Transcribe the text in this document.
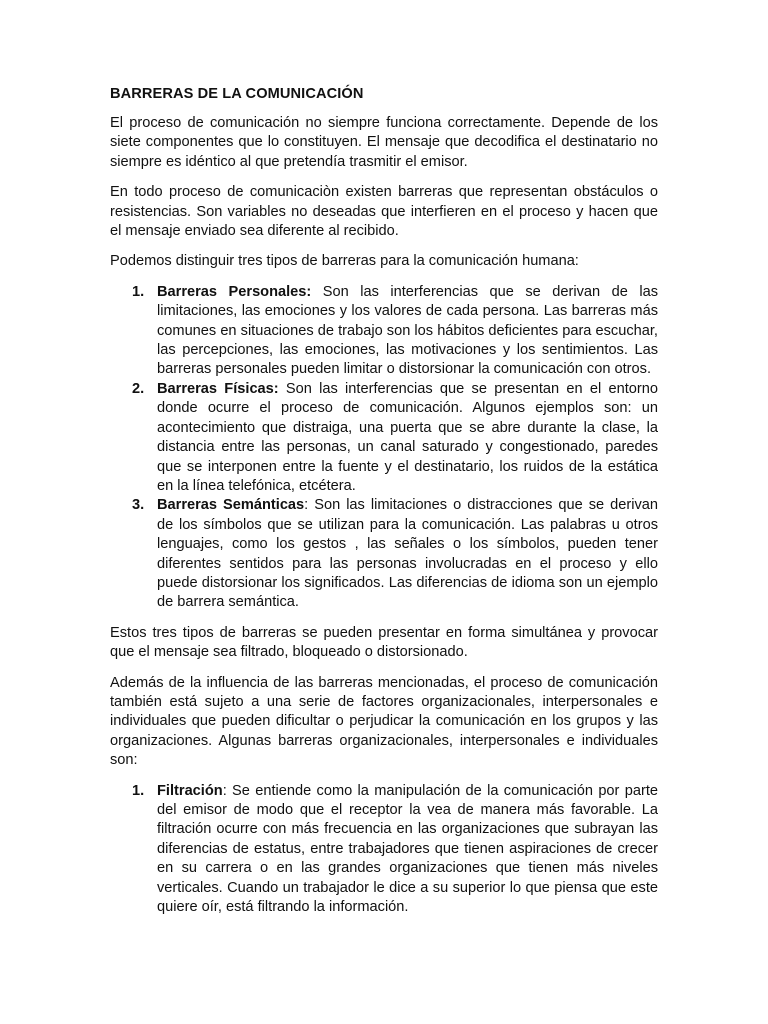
BARRERAS DE LA COMUNICACIÓN

El proceso de comunicación no siempre funciona correctamente. Depende de los siete componentes que lo constituyen. El mensaje que decodifica el destinatario no siempre es idéntico al que pretendía trasmitir el emisor.

En todo proceso de comunicaciòn existen barreras que representan obstáculos o resistencias. Son variables no deseadas que interfieren en el proceso y hacen que el mensaje enviado sea diferente al recibido.

Podemos distinguir tres tipos de barreras para la comunicación humana:

1. Barreras Personales: Son las interferencias que se derivan de las limitaciones, las emociones y los valores de cada persona. Las barreras más comunes en situaciones de trabajo son los hábitos deficientes para escuchar, las percepciones, las emociones, las motivaciones y los sentimientos. Las barreras personales pueden limitar o distorsionar la comunicación con otros.
2. Barreras Físicas: Son las interferencias que se presentan en el entorno donde ocurre el proceso de comunicación. Algunos ejemplos son: un acontecimiento que distraiga, una puerta que se abre durante la clase, la distancia entre las personas, un canal saturado y congestionado, paredes que se interponen entre la fuente y el destinatario, los ruidos de la estática en la línea telefónica, etcétera.
3. Barreras Semánticas: Son las limitaciones o distracciones que se derivan de los símbolos que se utilizan para la comunicación. Las palabras u otros lenguajes, como los gestos , las señales o los símbolos, pueden tener diferentes sentidos para las personas involucradas en el proceso y ello puede distorsionar los significados. Las diferencias de idioma son un ejemplo de barrera semántica.

Estos tres tipos de barreras se pueden presentar en forma simultánea y provocar que el mensaje sea filtrado, bloqueado o distorsionado.

Además de la influencia de las barreras mencionadas, el proceso de comunicación también está sujeto a una serie de factores organizacionales, interpersonales e individuales que pueden dificultar o perjudicar la comunicación en los grupos y las organizaciones. Algunas barreras organizacionales, interpersonales e individuales son:

1. Filtración: Se entiende como la manipulación de la comunicación por parte del emisor de modo que el receptor la vea de manera más favorable. La filtración ocurre con más frecuencia en las organizaciones que subrayan las diferencias de estatus, entre trabajadores que tienen aspiraciones de crecer en su carrera o en las grandes organizaciones que tienen más niveles verticales. Cuando un trabajador le dice a su superior lo que piensa que este quiere oír, está filtrando la información.
